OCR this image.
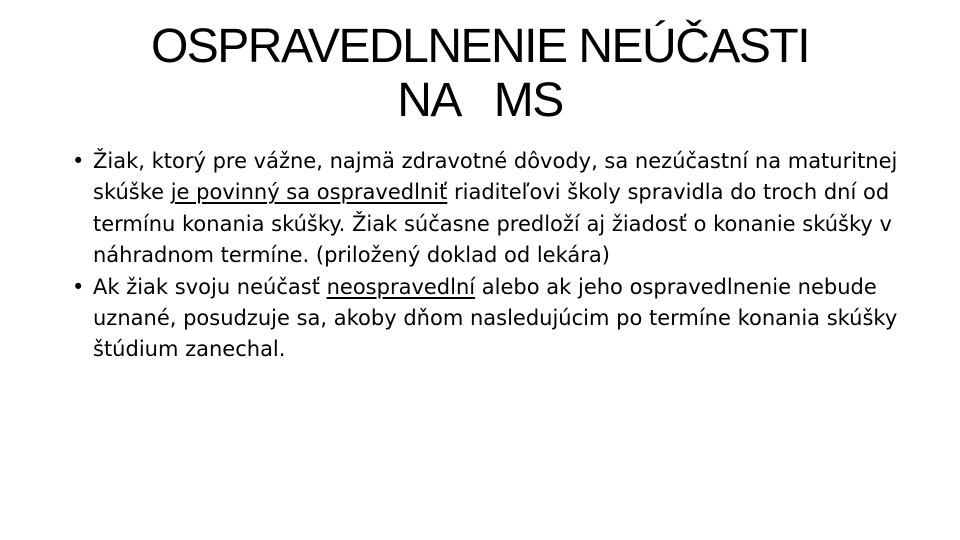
OSPRAVEDLNENIE NEÚČASTI
NA   MS
• Žiak, ktorý pre vážne, najmä zdravotné dôvody, sa nezúčastní na maturitnej skúške je povinný sa ospravedlniť riaditeľovi školy spravidla do troch dní od termínu konania skúšky. Žiak súčasne predloží aj žiadosť o konanie skúšky v náhradnom termíne. (priložený doklad od lekára)
• Ak žiak svoju neúčasť neospravedlní alebo ak jeho ospravedlnenie nebude uznané, posudzuje sa, akoby dňom nasledujúcim po termíne konania skúšky štúdium zanechal.
